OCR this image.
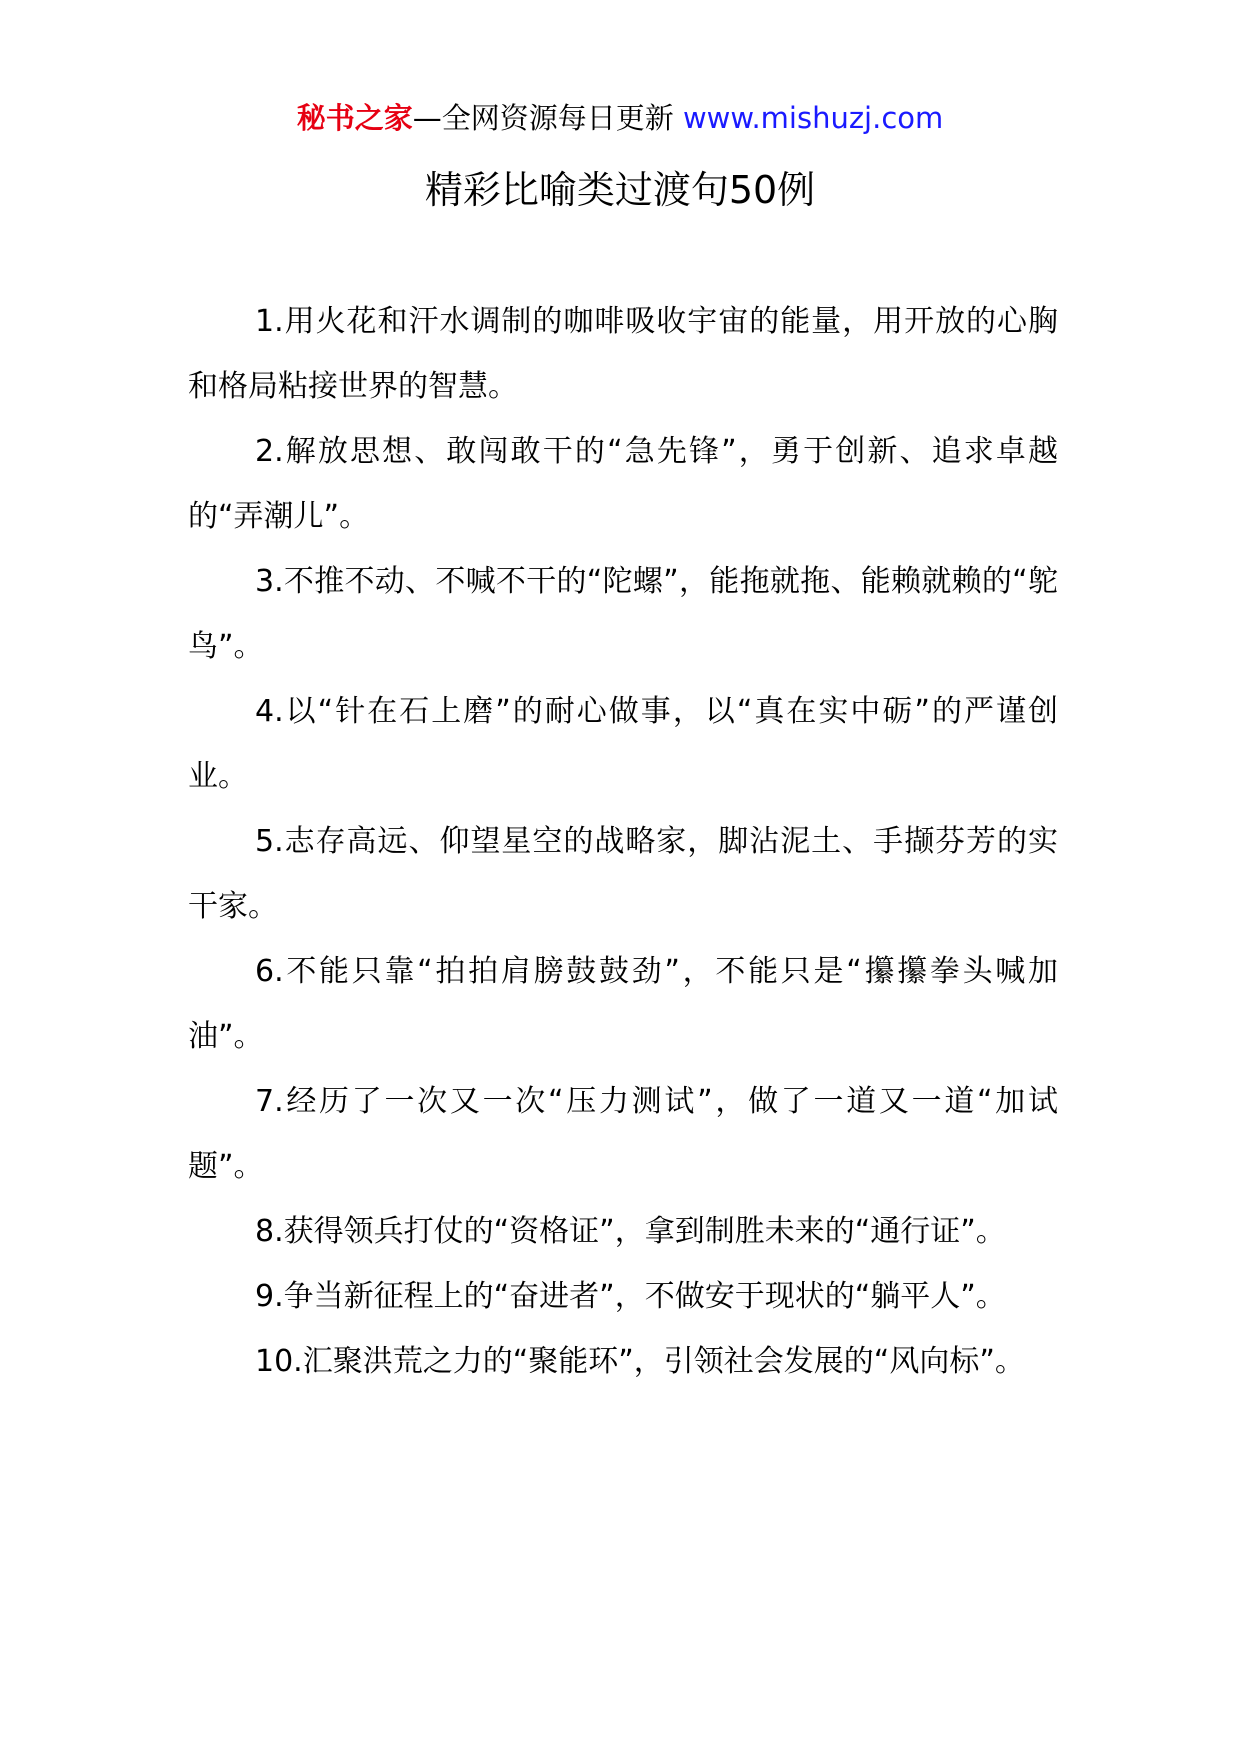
秘书之家—全网资源每日更新 www.mishuzj.com
精彩比喻类过渡句50例

1.用火花和汗水调制的咖啡吸收宇宙的能量，用开放的心胸和格局粘接世界的智慧。

2.解放思想、敢闯敢干的“急先锋”，勇于创新、追求卓越的“弄潮儿”。

3.不推不动、不喊不干的“陀螺”，能拖就拖、能赖就赖的“鸵鸟”。

4.以“针在石上磨”的耐心做事，以“真在实中砺”的严谨创业。

5.志存高远、仰望星空的战略家，脚沾泥土、手撷芬芳的实干家。

6.不能只靠“拍拍肩膀鼓鼓劲”，不能只是“攥攥拳头喊加油”。

7.经历了一次又一次“压力测试”，做了一道又一道“加试题”。

8.获得领兵打仗的“资格证”，拿到制胜未来的“通行证”。

9.争当新征程上的“奋进者”，不做安于现状的“躺平人”。

10.汇聚洪荒之力的“聚能环”，引领社会发展的“风向标”。
